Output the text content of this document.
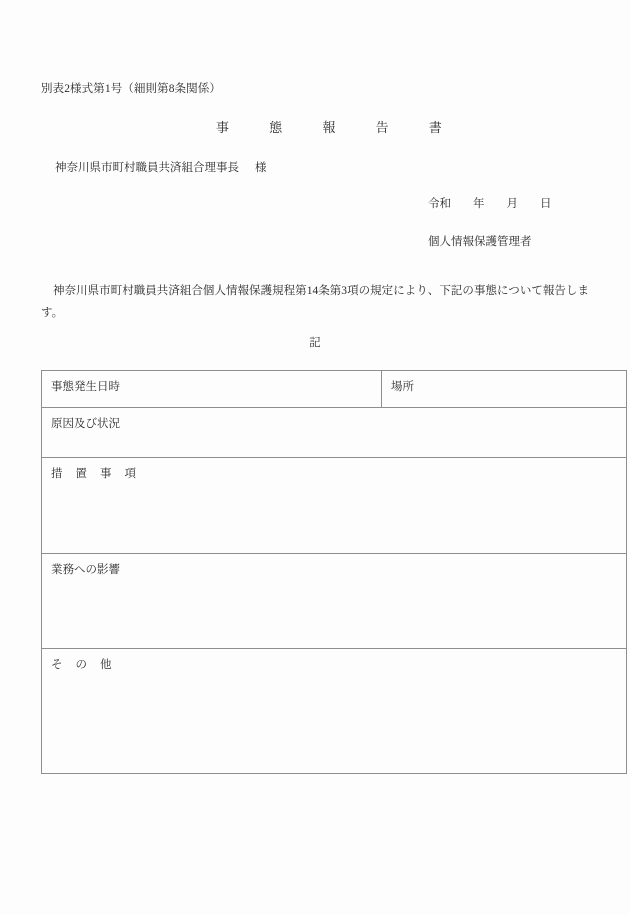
別表2様式第1号（細則第8条関係）
事	態	報	告	書
神奈川県市町村職員共済組合理事長 様
令和 年 月 日
個人情報保護管理者
神奈川県市町村職員共済組合個人情報保護規程第14条第3項の規定により、下記の事態について報告します。
記
事態発生日時	場所

原因及び状況

措 置 事 項

業務への影響

そ の 他
